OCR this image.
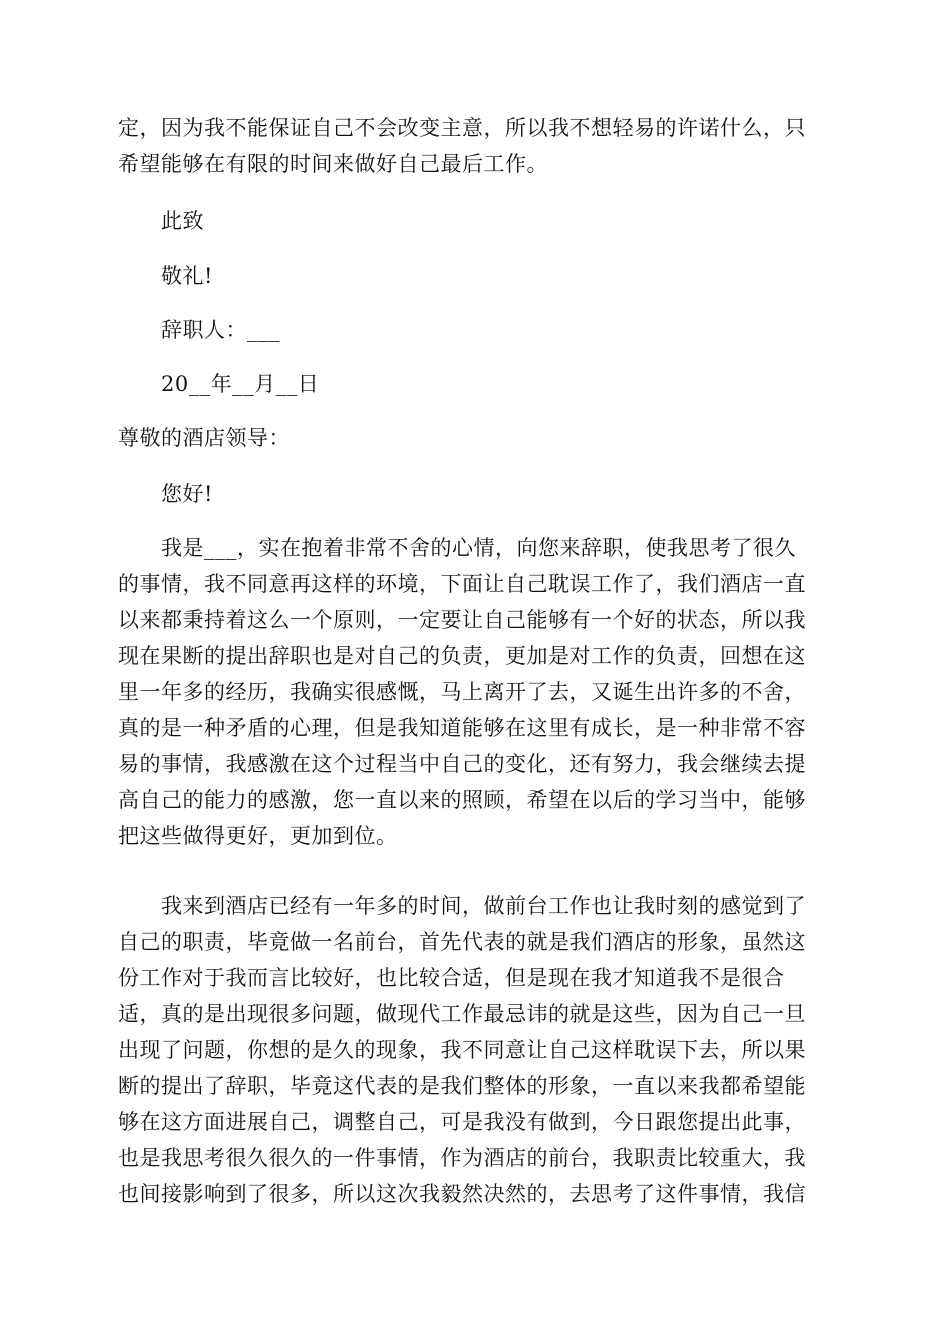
定，因为我不能保证自己不会改变主意，所以我不想轻易的许诺什么，只
希望能够在有限的时间来做好自己最后工作。

此致

敬礼!

辞职人：___

20__年__月__日

尊敬的酒店领导：

您好!

我是___，实在抱着非常不舍的心情，向您来辞职，使我思考了很久
的事情，我不同意再这样的环境，下面让自己耽误工作了，我们酒店一直
以来都秉持着这么一个原则，一定要让自己能够有一个好的状态，所以我
现在果断的提出辞职也是对自己的负责，更加是对工作的负责，回想在这
里一年多的经历，我确实很感慨，马上离开了去，又诞生出许多的不舍，
真的是一种矛盾的心理，但是我知道能够在这里有成长，是一种非常不容
易的事情，我感激在这个过程当中自己的变化，还有努力，我会继续去提
高自己的能力的感激，您一直以来的照顾，希望在以后的学习当中，能够
把这些做得更好，更加到位。

我来到酒店已经有一年多的时间，做前台工作也让我时刻的感觉到了
自己的职责，毕竟做一名前台，首先代表的就是我们酒店的形象，虽然这
份工作对于我而言比较好，也比较合适，但是现在我才知道我不是很合
适，真的是出现很多问题，做现代工作最忌讳的就是这些，因为自己一旦
出现了问题，你想的是久的现象，我不同意让自己这样耽误下去，所以果
断的提出了辞职，毕竟这代表的是我们整体的形象，一直以来我都希望能
够在这方面进展自己，调整自己，可是我没有做到，今日跟您提出此事，
也是我思考很久很久的一件事情，作为酒店的前台，我职责比较重大，我
也间接影响到了很多，所以这次我毅然决然的，去思考了这件事情，我信
